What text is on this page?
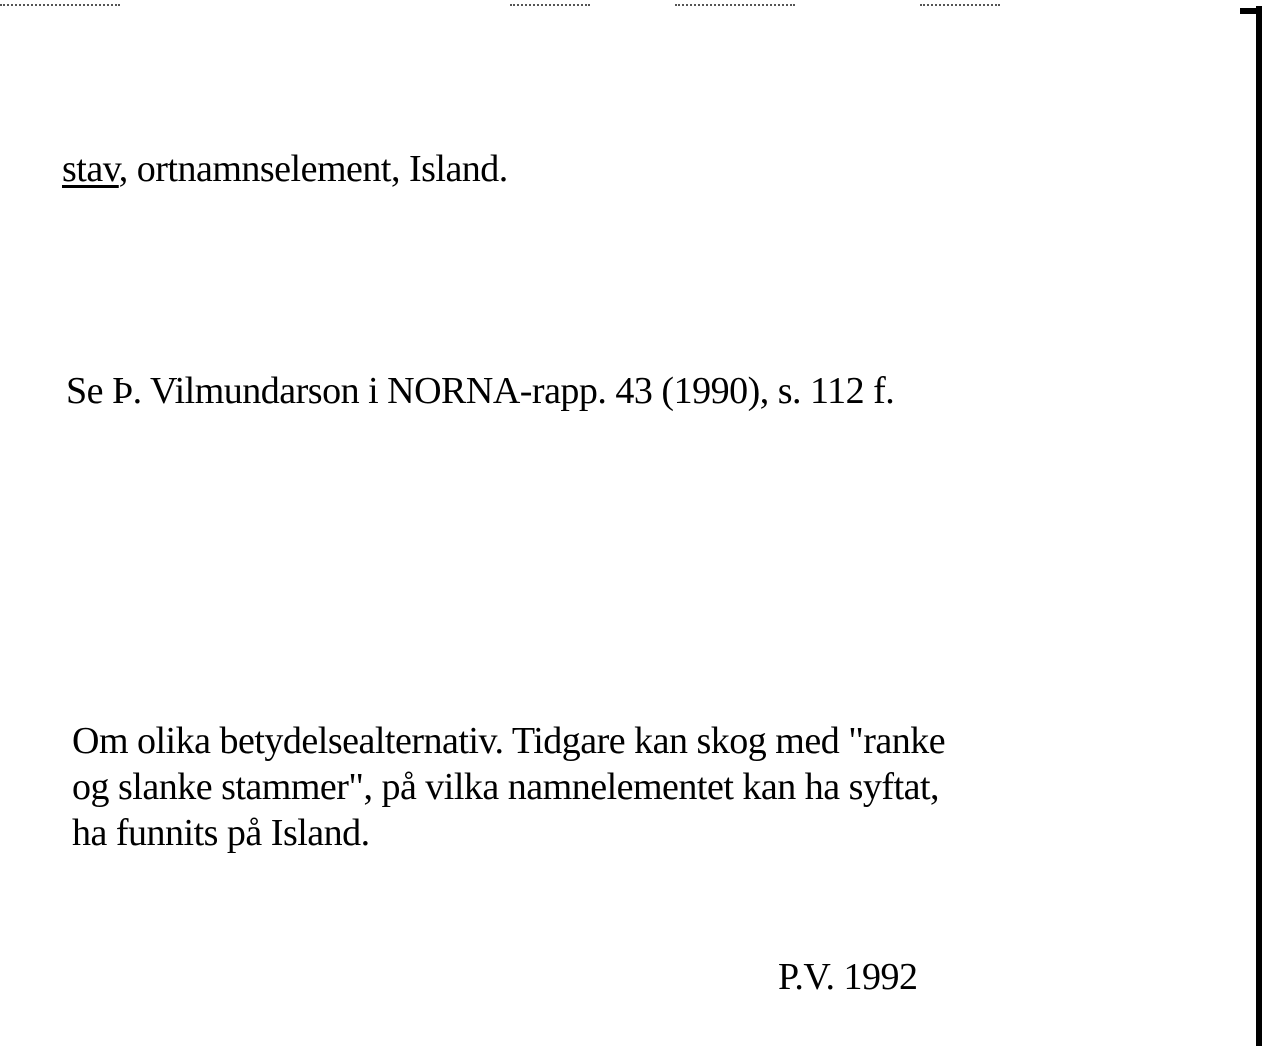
stav, ortnamnselement, Island.
Se Þ. Vilmundarson i NORNA-rapp. 43 (1990), s. 112 f.
Om olika betydelsealternativ. Tidgare kan skog med "ranke
og slanke stammer", på vilka namnelementet kan ha syftat,
ha funnits på Island.
P.V. 1992
